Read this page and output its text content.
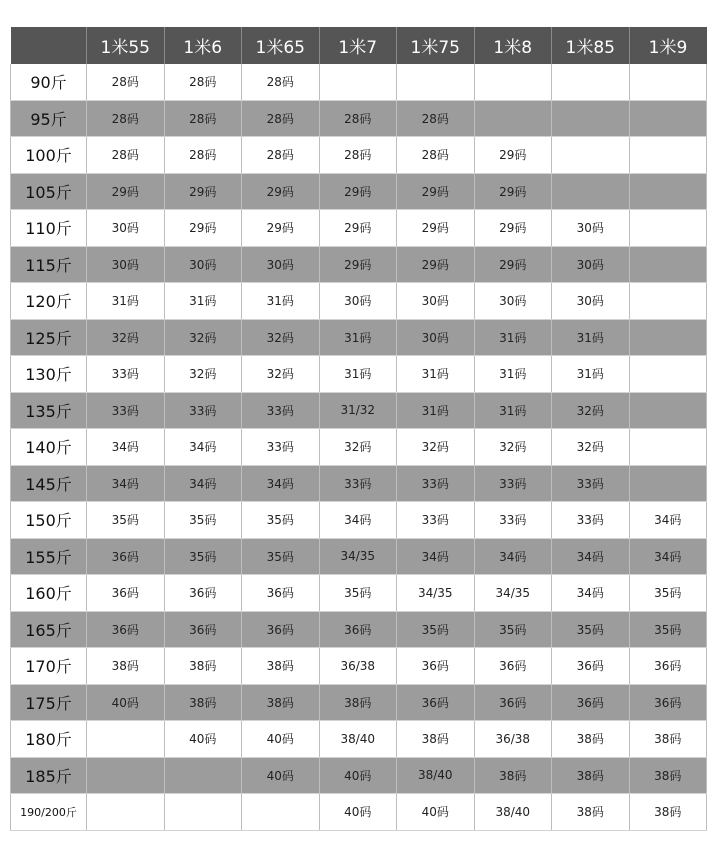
	1米55	1米6	1米65	1米7	1米75	1米8	1米85	1米9
90斤	28码	28码	28码					
95斤	28码	28码	28码	28码	28码			
100斤	28码	28码	28码	28码	28码	29码		
105斤	29码	29码	29码	29码	29码	29码		
110斤	30码	29码	29码	29码	29码	29码	30码	
115斤	30码	30码	30码	29码	29码	29码	30码	
120斤	31码	31码	31码	30码	30码	30码	30码	
125斤	32码	32码	32码	31码	30码	31码	31码	
130斤	33码	32码	32码	31码	31码	31码	31码	
135斤	33码	33码	33码	31/32	31码	31码	32码	
140斤	34码	34码	33码	32码	32码	32码	32码	
145斤	34码	34码	34码	33码	33码	33码	33码	
150斤	35码	35码	35码	34码	33码	33码	33码	34码
155斤	36码	35码	35码	34/35	34码	34码	34码	34码
160斤	36码	36码	36码	35码	34/35	34/35	34码	35码
165斤	36码	36码	36码	36码	35码	35码	35码	35码
170斤	38码	38码	38码	36/38	36码	36码	36码	36码
175斤	40码	38码	38码	38码	36码	36码	36码	36码
180斤		40码	40码	38/40	38码	36/38	38码	38码
185斤			40码	40码	38/40	38码	38码	38码
190/200斤				40码	40码	38/40	38码	38码
